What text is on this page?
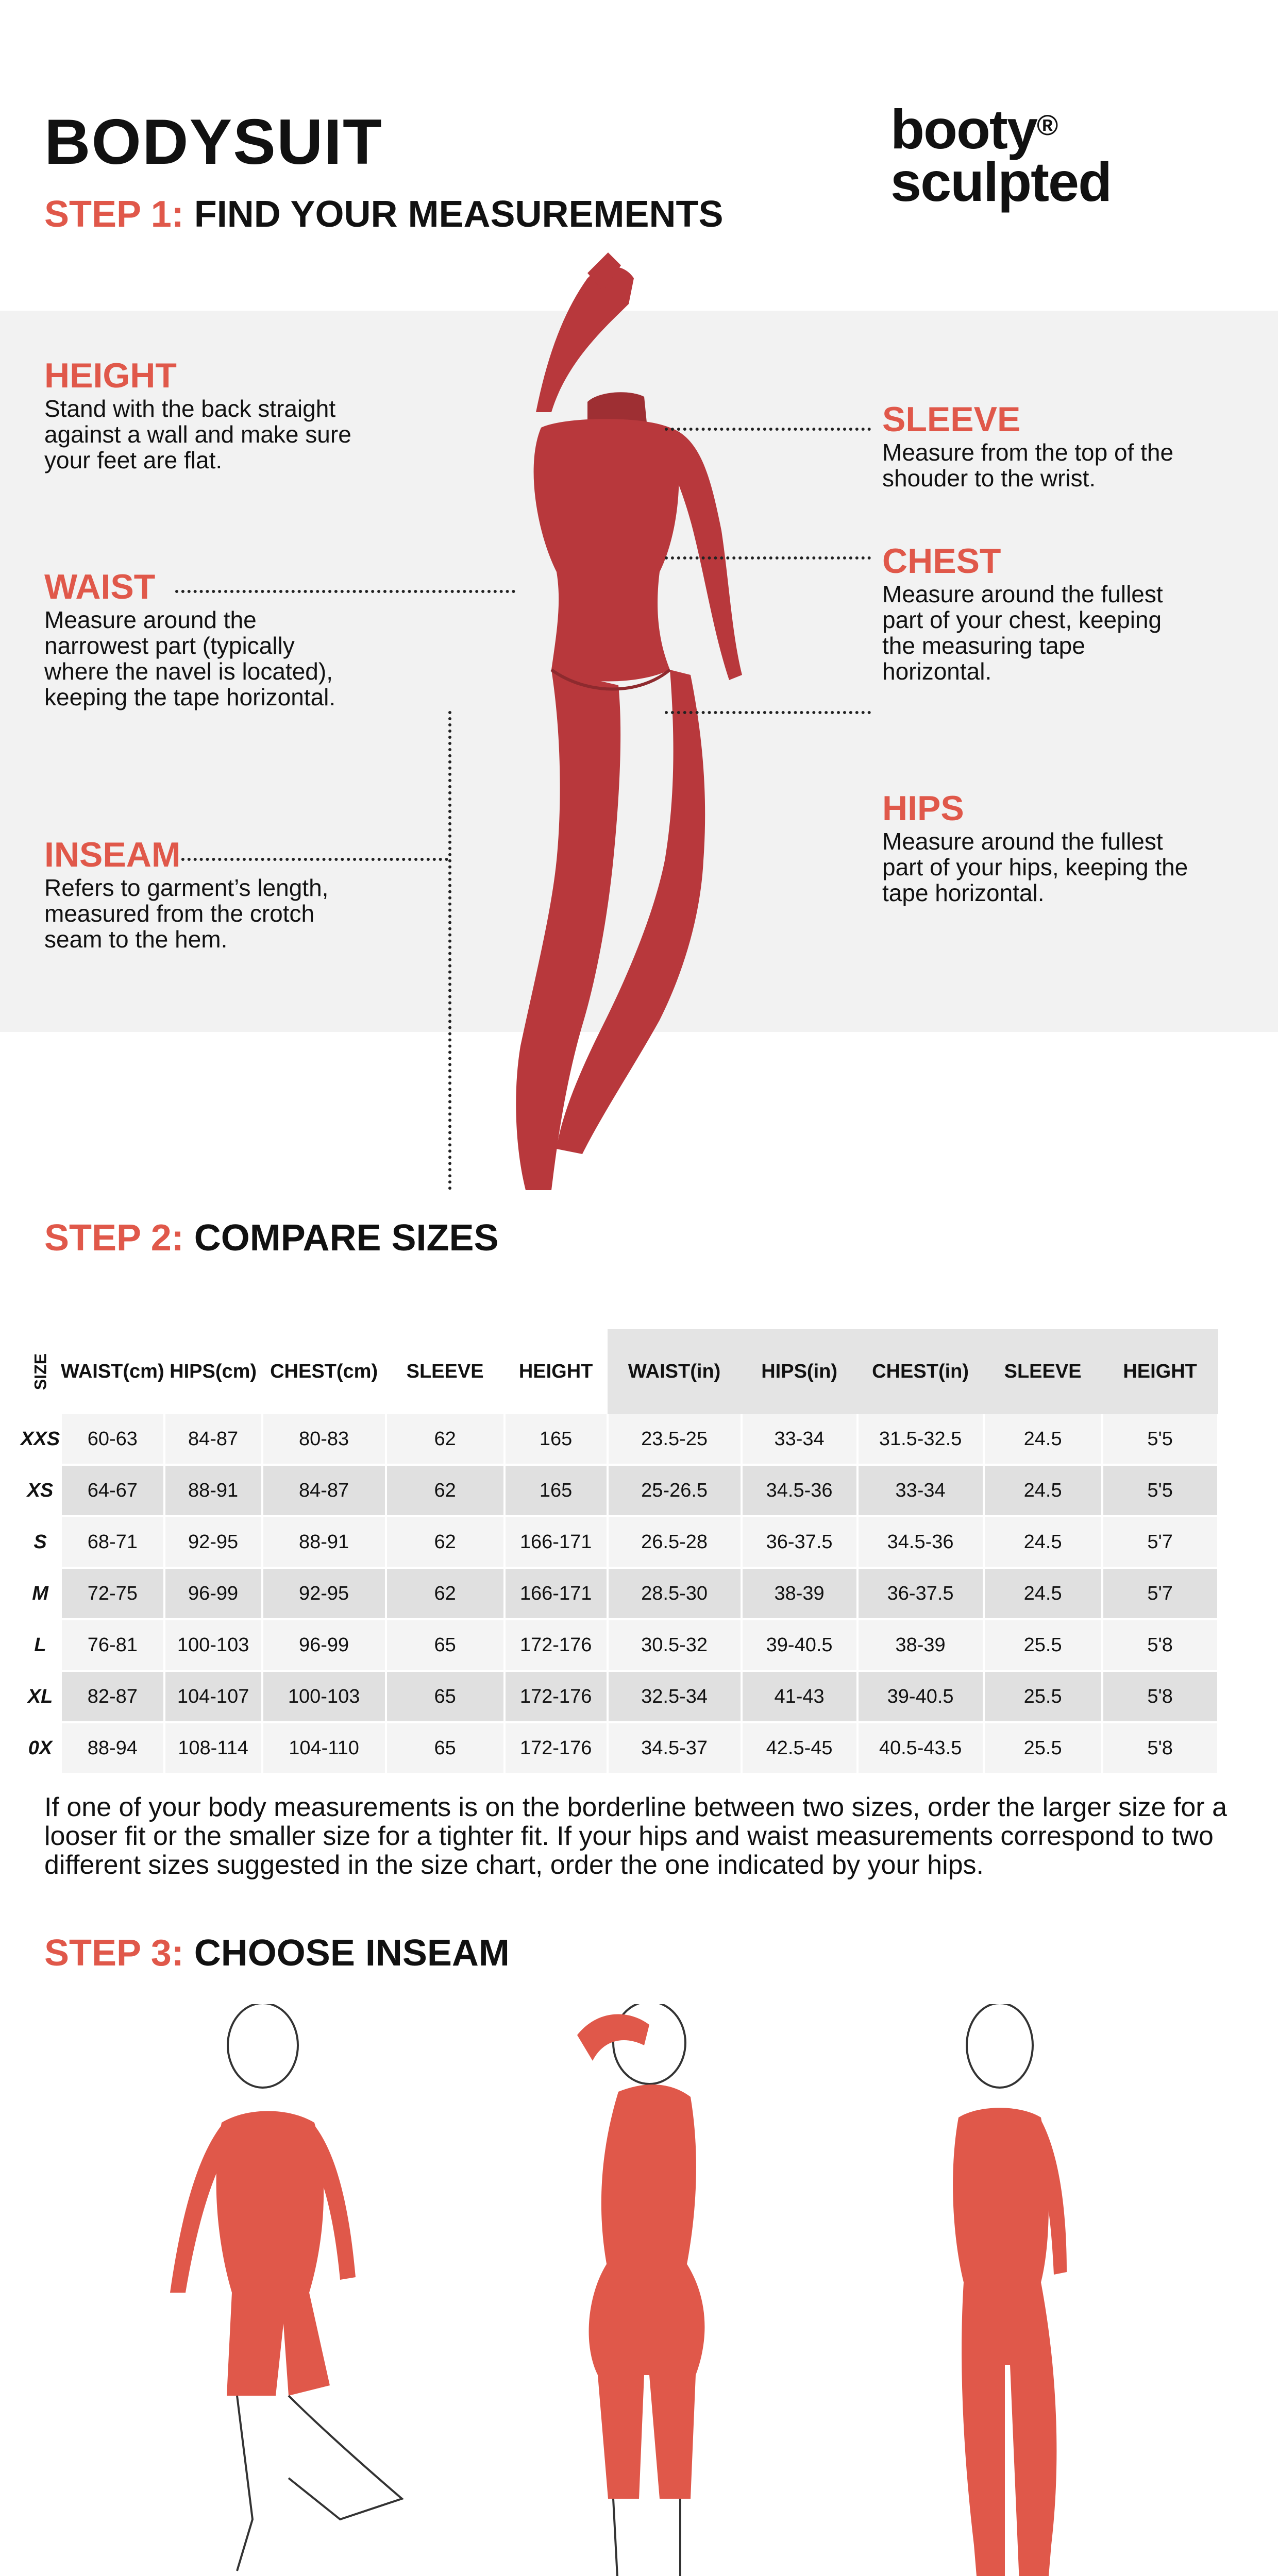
BODYSUIT	booty®
sculpted
STEP 1: FIND YOUR MEASUREMENTS
HEIGHT
Stand with the back straight against a wall and make sure your feet are flat.
WAIST
Measure around the narrowest part (typically where the navel is located), keeping the tape horizontal.
INSEAM
Refers to garment’s length, measured from the crotch seam to the hem.
SLEEVE
Measure from the top of the shouder to the wrist.
CHEST
Measure around the fullest part of your chest, keeping the measuring tape horizontal.
HIPS
Measure around the fullest part of your hips, keeping the tape horizontal.
STEP 2: COMPARE SIZES
SIZE	WAIST(cm)	HIPS(cm)	CHEST(cm)	SLEEVE	HEIGHT	WAIST(in)	HIPS(in)	CHEST(in)	SLEEVE	HEIGHT
XXS	60-63	84-87	80-83	62	165	23.5-25	33-34	31.5-32.5	24.5	5'5
XS	64-67	88-91	84-87	62	165	25-26.5	34.5-36	33-34	24.5	5'5
S	68-71	92-95	88-91	62	166-171	26.5-28	36-37.5	34.5-36	24.5	5'7
M	72-75	96-99	92-95	62	166-171	28.5-30	38-39	36-37.5	24.5	5'7
L	76-81	100-103	96-99	65	172-176	30.5-32	39-40.5	38-39	25.5	5'8
XL	82-87	104-107	100-103	65	172-176	32.5-34	41-43	39-40.5	25.5	5'8
0X	88-94	108-114	104-110	65	172-176	34.5-37	42.5-45	40.5-43.5	25.5	5'8
If one of your body measurements is on the borderline between two sizes, order the larger size for a looser fit or the smaller size for a tighter fit. If your hips and waist measurements correspond to two different sizes suggested in the size chart, order the one indicated by your hips.
STEP 3: CHOOSE INSEAM
